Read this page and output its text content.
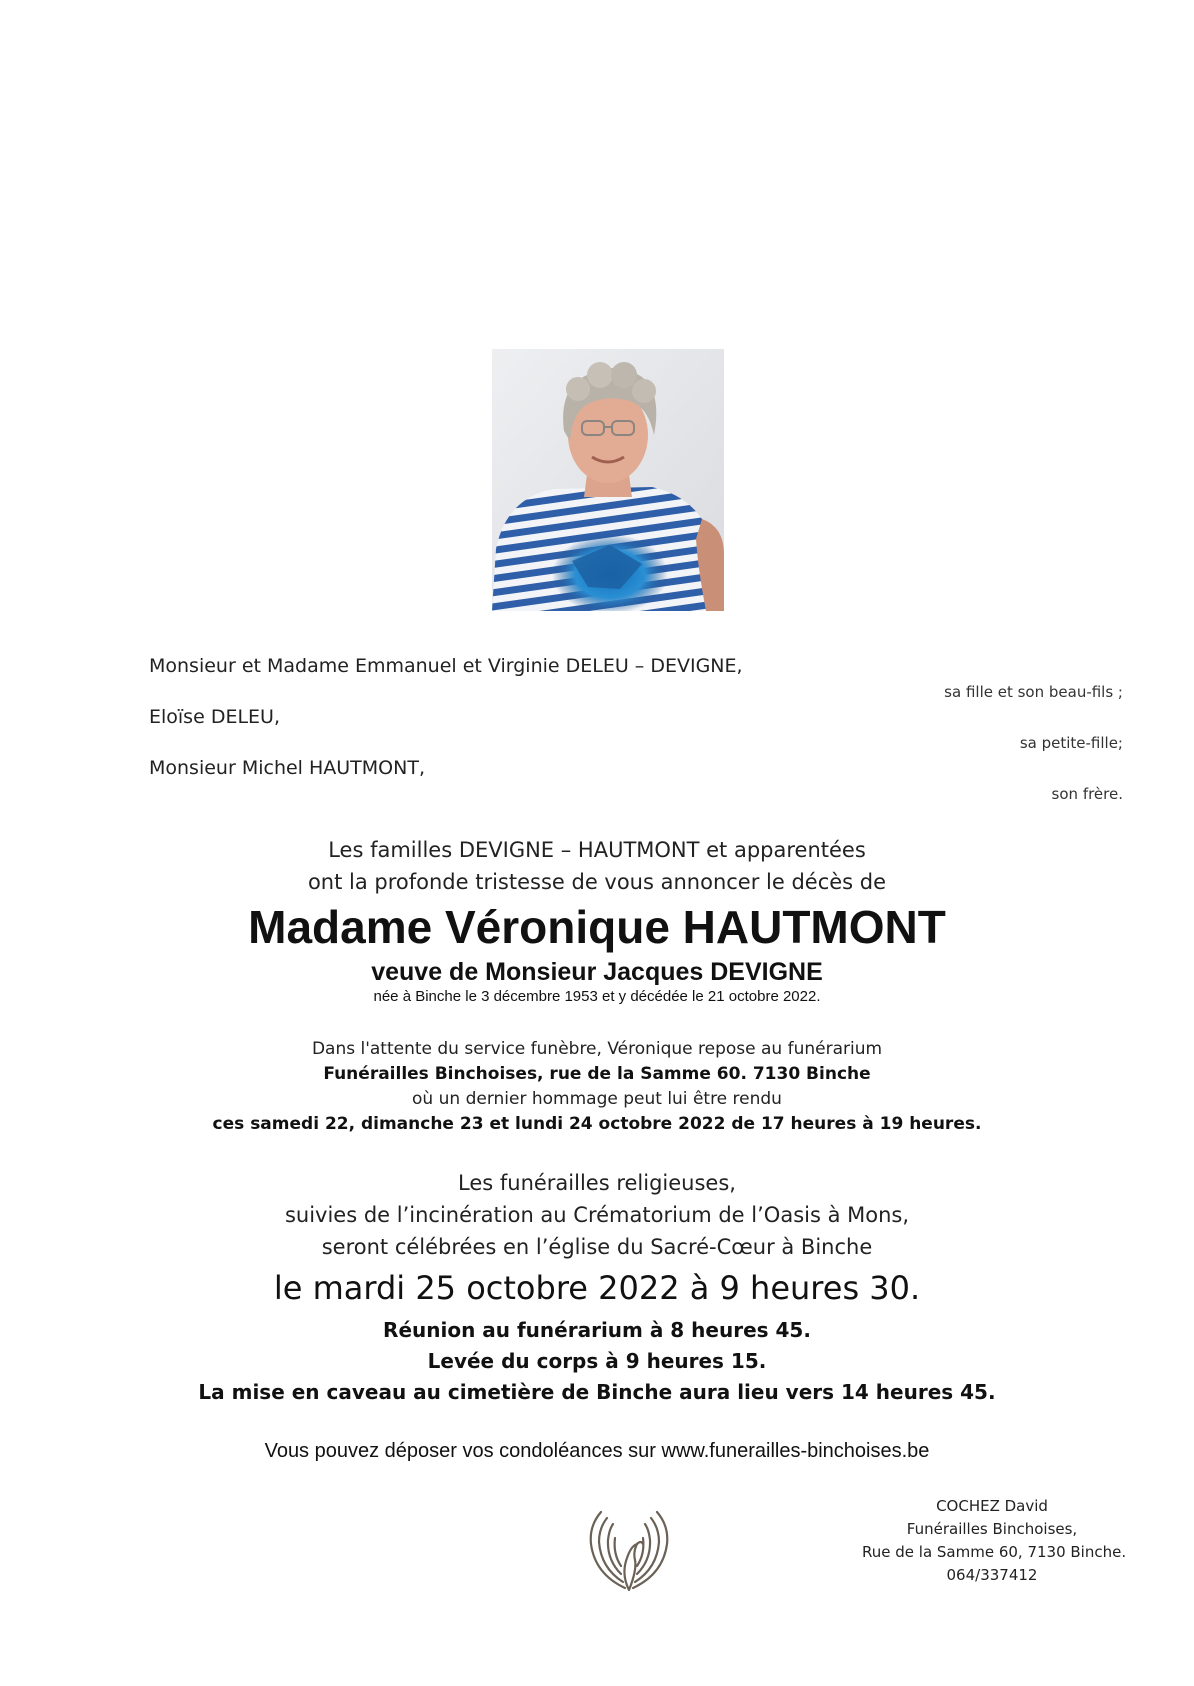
Monsieur et Madame Emmanuel et Virginie DELEU – DEVIGNE,
sa fille et son beau-fils ;
Eloïse DELEU,
sa petite-fille;
Monsieur Michel HAUTMONT,
son frère.
Les familles DEVIGNE – HAUTMONT et apparentées
ont la profonde tristesse de vous annoncer le décès de
Madame Véronique HAUTMONT
veuve de Monsieur Jacques DEVIGNE
née à Binche le 3 décembre 1953 et y décédée le 21 octobre 2022.
Dans l'attente du service funèbre, Véronique repose au funérarium
Funérailles Binchoises, rue de la Samme 60. 7130 Binche
où un dernier hommage peut lui être rendu
ces samedi 22, dimanche 23 et lundi 24 octobre 2022 de 17 heures à 19 heures.
Les funérailles religieuses,
suivies de l’incinération au Crématorium de l’Oasis à Mons,
seront célébrées en l’église du Sacré-Cœur à Binche
le mardi 25 octobre 2022 à 9 heures 30.
Réunion au funérarium à 8 heures 45.
Levée du corps à 9 heures 15.
La mise en caveau au cimetière de Binche aura lieu vers 14 heures 45.
Vous pouvez déposer vos condoléances sur www.funerailles-binchoises.be
COCHEZ David
Funérailles Binchoises,
Rue de la Samme 60, 7130 Binche.
064/337412
